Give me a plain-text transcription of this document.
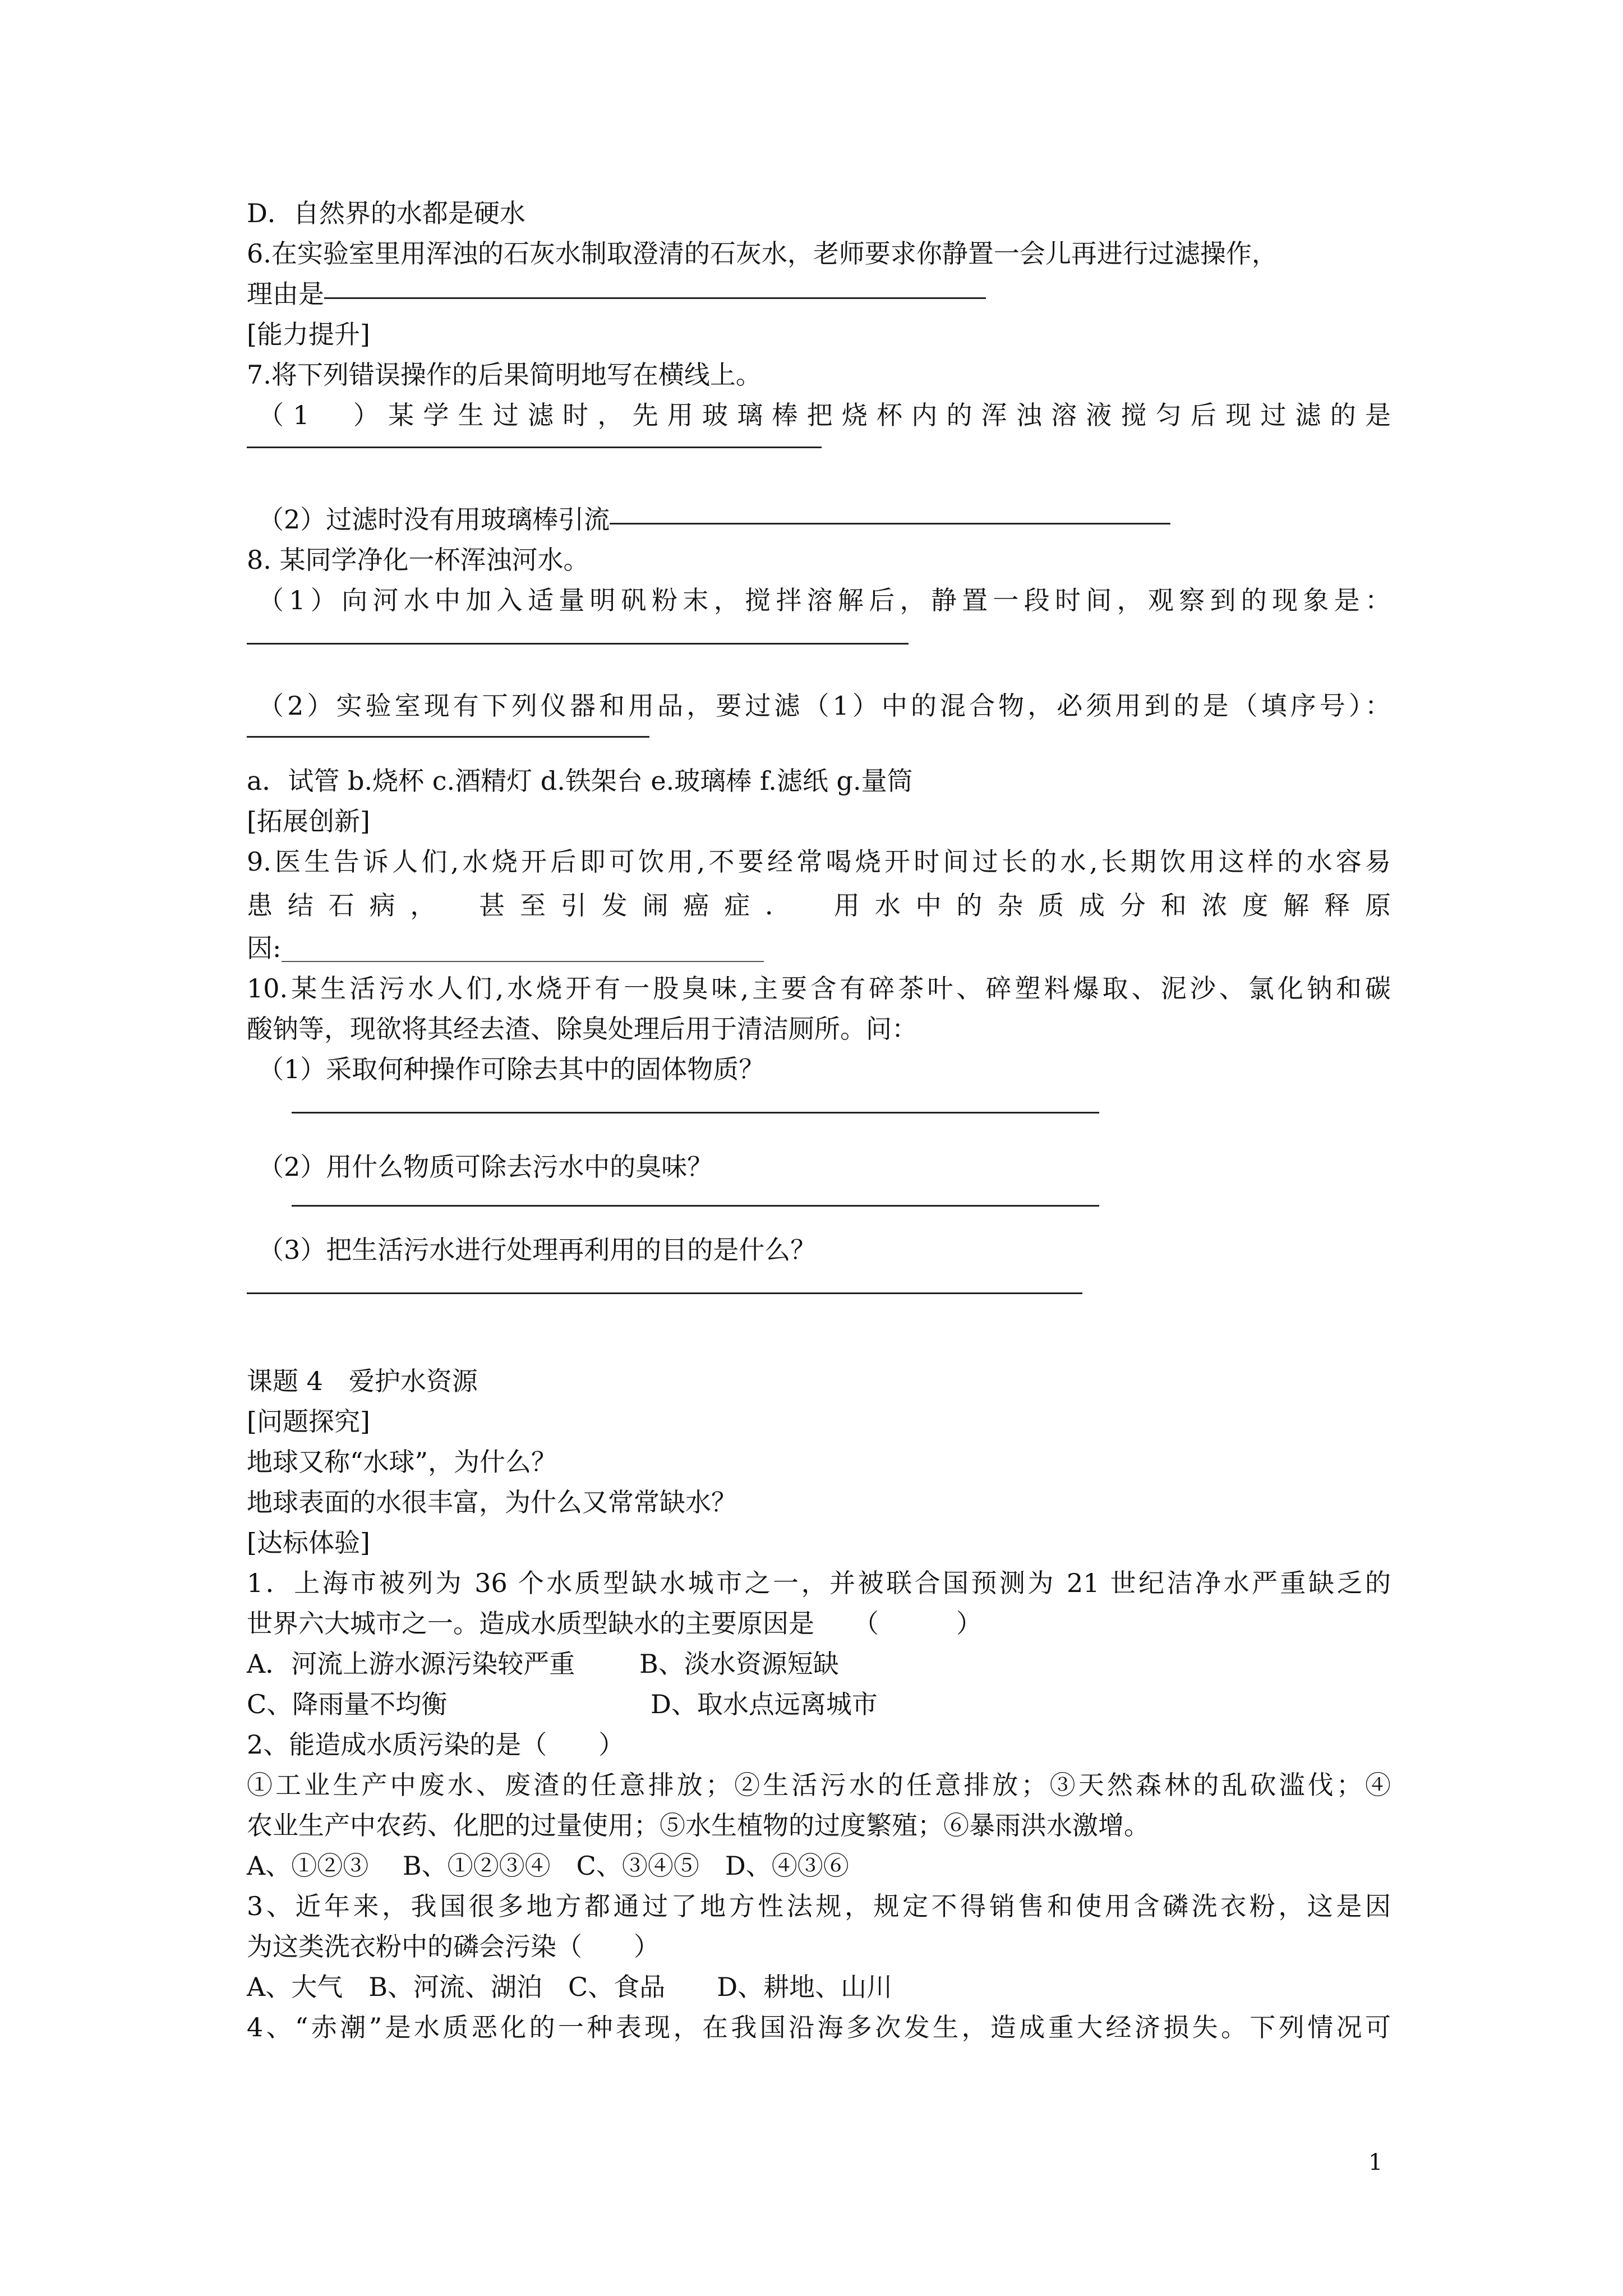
D．自然界的水都是硬水
6.在实验室里用浑浊的石灰水制取澄清的石灰水，老师要求你静置一会儿再进行过滤操作，
理由是
[能力提升]
7.将下列错误操作的后果简明地写在横线上。
（1　）某学生过滤时，先用玻璃棒把烧杯内的浑浊溶液搅匀后现过滤的是
（2）过滤时没有用玻璃棒引流
8. 某同学净化一杯浑浊河水。
（1）向河水中加入适量明矾粉末，搅拌溶解后，静置一段时间，观察到的现象是：
（2）实验室现有下列仪器和用品，要过滤（1）中的混合物，必须用到的是（填序号）：
a．试管 b.烧杯 c.酒精灯 d.铁架台 e.玻璃棒 f.滤纸 g.量筒
[拓展创新]
9.医生告诉人们,水烧开后即可饮用,不要经常喝烧开时间过长的水,长期饮用这样的水容易
患结石病，　甚至引发闹癌症．　用水中的杂质成分和浓度解释原
因:
10.某生活污水人们,水烧开有一股臭味,主要含有碎茶叶、碎塑料爆取、泥沙、氯化钠和碳
酸钠等，现欲将其经去渣、除臭处理后用于清洁厕所。问：
（1）采取何种操作可除去其中的固体物质？
（2）用什么物质可除去污水中的臭味？
（3）把生活污水进行处理再利用的目的是什么？
课题 4　爱护水资源
[问题探究]
地球又称“水球”，为什么？
地球表面的水很丰富，为什么又常常缺水？
[达标体验]
1．上海市被列为 36 个水质型缺水城市之一，并被联合国预测为 21 世纪洁净水严重缺乏的
世界六大城市之一。造成水质型缺水的主要原因是　　（　　　）
A．河流上游水源污染较严重 B、淡水资源短缺
C、降雨量不均衡	D、取水点远离城市
2、能造成水质污染的是（　　）
①工业生产中废水、废渣的任意排放；②生活污水的任意排放；③天然森林的乱砍滥伐；④
农业生产中农药、化肥的过量使用；⑤水生植物的过度繁殖；⑥暴雨洪水激增。
A、①②③　 B、①②③④　C、③④⑤　D、④③⑥
3、近年来，我国很多地方都通过了地方性法规，规定不得销售和使用含磷洗衣粉，这是因
为这类洗衣粉中的磷会污染（　　）
A、大气　B、河流、湖泊　C、食品　　D、耕地、山川
4、“赤潮”是水质恶化的一种表现，在我国沿海多次发生，造成重大经济损失。下列情况可
1
